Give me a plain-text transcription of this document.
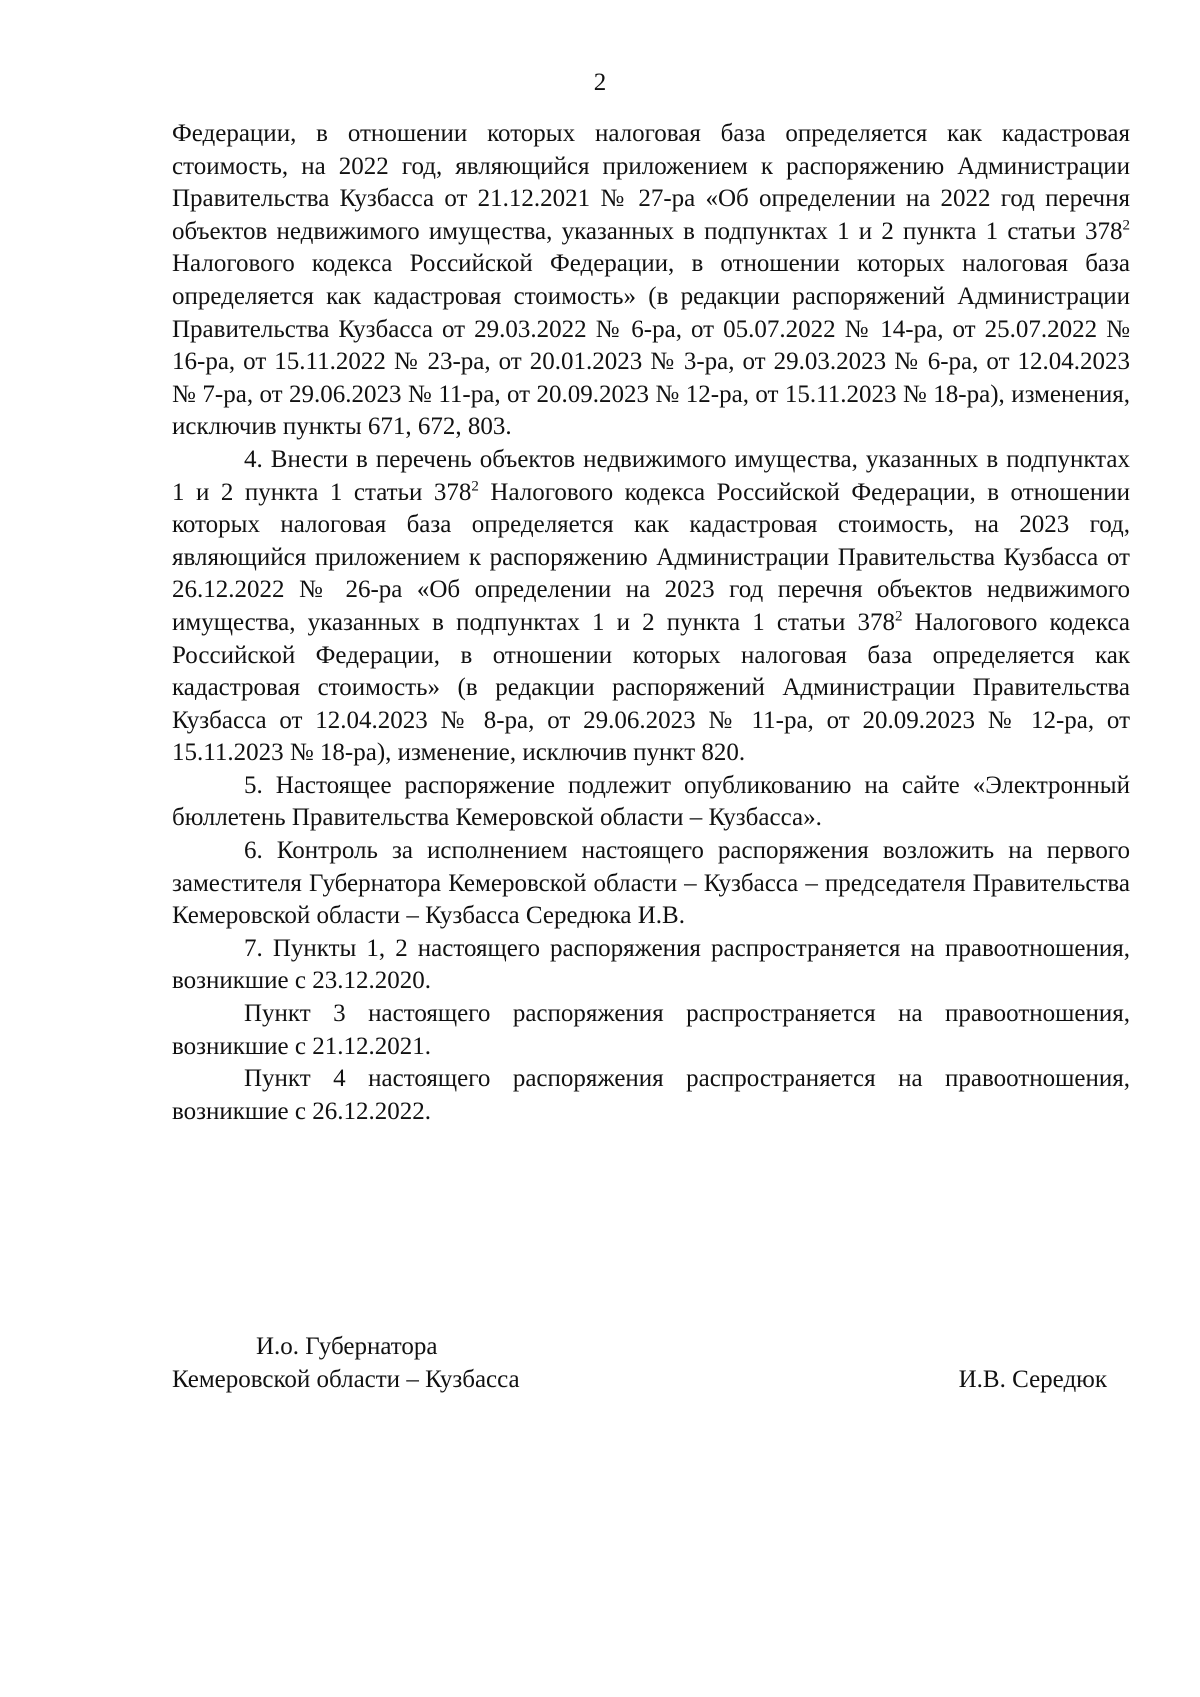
2

Федерации, в отношении которых налоговая база определяется как кадастровая стоимость, на 2022 год, являющийся приложением к распоряжению Администрации Правительства Кузбасса от 21.12.2021 № 27-ра «Об определении на 2022 год перечня объектов недвижимого имущества, указанных в подпунктах 1 и 2 пункта 1 статьи $378^2$ Налогового кодекса Российской Федерации, в отношении которых налоговая база определяется как кадастровая стоимость» (в редакции распоряжений Администрации Правительства Кузбасса от 29.03.2022 № 6-ра, от 05.07.2022 № 14-ра, от 25.07.2022 № 16-ра, от 15.11.2022 № 23-ра, от 20.01.2023 № 3-ра, от 29.03.2023 № 6-ра, от 12.04.2023 № 7-ра, от 29.06.2023 № 11-ра, от 20.09.2023 № 12-ра, от 15.11.2023 № 18-ра), изменения, исключив пункты 671, 672, 803.

4. Внести в перечень объектов недвижимого имущества, указанных в подпунктах 1 и 2 пункта 1 статьи $378^2$ Налогового кодекса Российской Федерации, в отношении которых налоговая база определяется как кадастровая стоимость, на 2023 год, являющийся приложением к распоряжению Администрации Правительства Кузбасса от 26.12.2022 № 26-ра «Об определении на 2023 год перечня объектов недвижимого имущества, указанных в подпунктах 1 и 2 пункта 1 статьи $378^2$ Налогового кодекса Российской Федерации, в отношении которых налоговая база определяется как кадастровая стоимость» (в редакции распоряжений Администрации Правительства Кузбасса от 12.04.2023 № 8-ра, от 29.06.2023 № 11-ра, от 20.09.2023 № 12-ра, от 15.11.2023 № 18-ра), изменение, исключив пункт 820.

5. Настоящее распоряжение подлежит опубликованию на сайте «Электронный бюллетень Правительства Кемеровской области – Кузбасса».

6. Контроль за исполнением настоящего распоряжения возложить на первого заместителя Губернатора Кемеровской области – Кузбасса – председателя Правительства Кемеровской области – Кузбасса Середюка И.В.

7. Пункты 1, 2 настоящего распоряжения распространяется на правоотношения, возникшие с 23.12.2020.

Пункт 3 настоящего распоряжения распространяется на правоотношения, возникшие с 21.12.2021.

Пункт 4 настоящего распоряжения распространяется на правоотношения, возникшие с 26.12.2022.

И.о. Губернатора
Кемеровской области – Кузбасса	И.В. Середюк
